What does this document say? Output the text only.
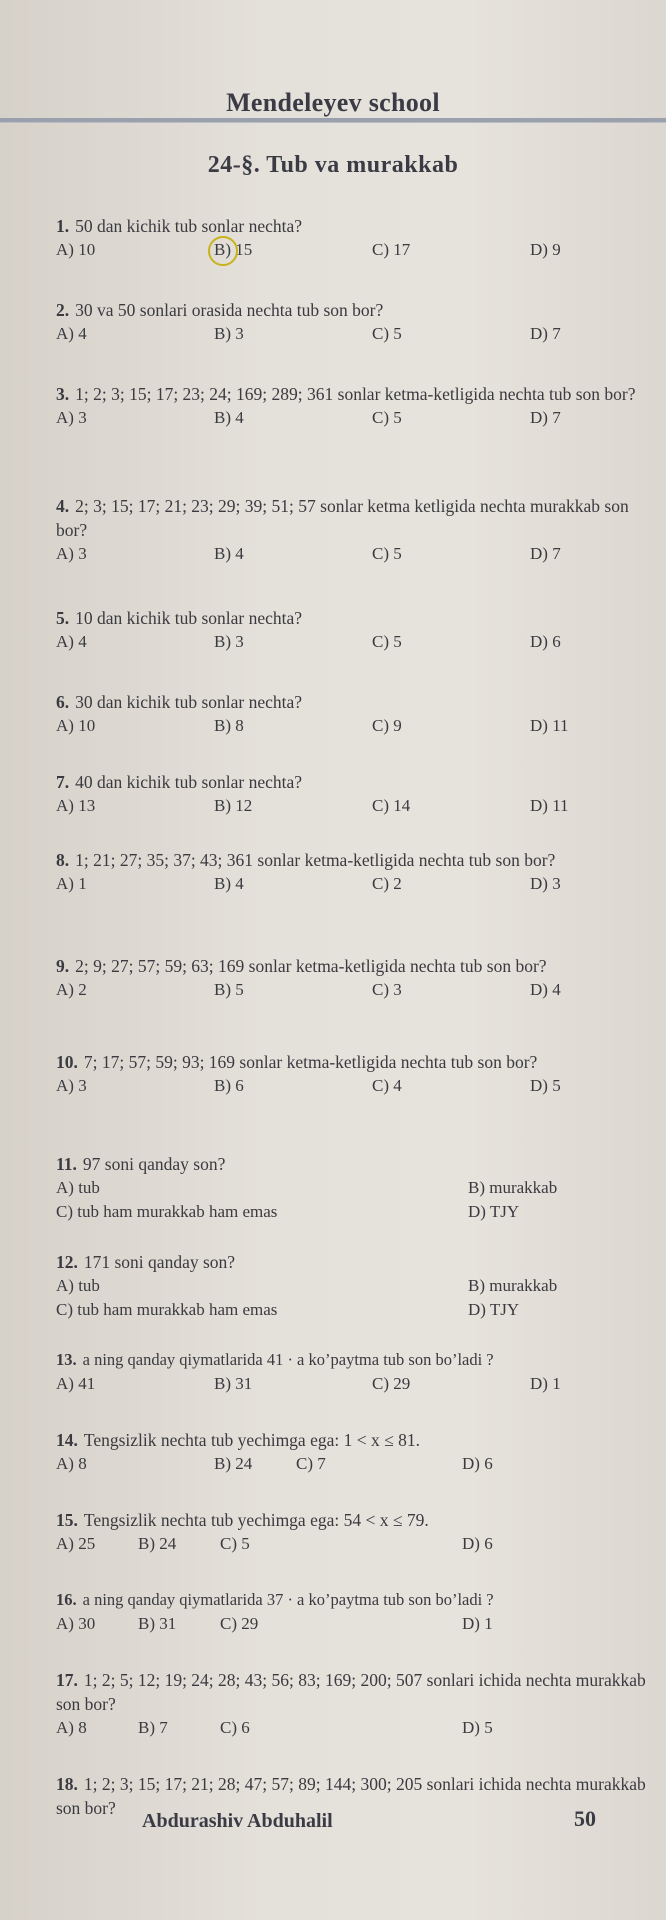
Mendeleyev school
24-§. Tub va murakkab
1. 50 dan kichik tub sonlar nechta?
A) 10	B) 15	C) 17	D) 9
2. 30 va 50 sonlari orasida nechta tub son bor?
A) 4	B) 3	C) 5	D) 7
3. 1; 2; 3; 15; 17; 23; 24; 169; 289; 361 sonlar ketma-ketligida nechta tub son bor?
A) 3	B) 4	C) 5	D) 7
4. 2; 3; 15; 17; 21; 23; 29; 39; 51; 57 sonlar ketma ketligida nechta murakkab son bor?
A) 3	B) 4	C) 5	D) 7
5. 10 dan kichik tub sonlar nechta?
A) 4	B) 3	C) 5	D) 6
6. 30 dan kichik tub sonlar nechta?
A) 10	B) 8	C) 9	D) 11
7. 40 dan kichik tub sonlar nechta?
A) 13	B) 12	C) 14	D) 11
8. 1; 21; 27; 35; 37; 43; 361 sonlar ketma-ketligida nechta tub son bor?
A) 1	B) 4	C) 2	D) 3
9. 2; 9; 27; 57; 59; 63; 169 sonlar ketma-ketligida nechta tub son bor?
A) 2	B) 5	C) 3	D) 4
10. 7; 17; 57; 59; 93; 169 sonlar ketma-ketligida nechta tub son bor?
A) 3	B) 6	C) 4	D) 5
11. 97 soni qanday son?
A) tub	B) murakkab
C) tub ham murakkab ham emas	D) TJY
12. 171 soni qanday son?
A) tub	B) murakkab
C) tub ham murakkab ham emas	D) TJY
13. a ning qanday qiymatlarida 41 · a ko’paytma tub son bo’ladi ?
A) 41	B) 31	C) 29	D) 1
14. Tengsizlik nechta tub yechimga ega: 1 < x ≤ 81.
A) 8	B) 24	C) 7	D) 6
15. Tengsizlik nechta tub yechimga ega: 54 < x ≤ 79.
A) 25	B) 24	C) 5	D) 6
16. a ning qanday qiymatlarida 37 · a ko’paytma tub son bo’ladi ?
A) 30	B) 31	C) 29	D) 1
17. 1; 2; 5; 12; 19; 24; 28; 43; 56; 83; 169; 200; 507 sonlari ichida nechta murakkab son bor?
A) 8	B) 7	C) 6	D) 5
18. 1; 2; 3; 15; 17; 21; 28; 47; 57; 89; 144; 300; 205 sonlari ichida nechta murakkab son bor?
Abdurashiv Abduhalil	50
